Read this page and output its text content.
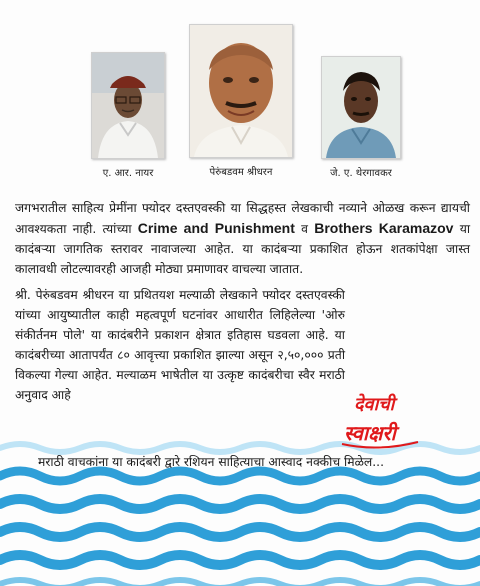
ए. आर. नायर	पेरुंबडवम श्रीधरन	जे. ए. थेरगावकर

जगभरातील साहित्य प्रेमींना फ्योदर दस्तएवस्की या सिद्धहस्त लेखकाची नव्याने ओळख करून द्यायची आवश्यकता नाही. त्यांच्या Crime and Punishment व Brothers Karamazov या कादंबऱ्या जागतिक स्तरावर नावाजल्या आहेत. या कादंबऱ्या प्रकाशित होऊन शतकांपेक्षा जास्त कालावधी लोटल्यावरही आजही मोठ्या प्रमाणावर वाचल्या जातात.

श्री. पेरुंबडवम श्रीधरन या प्रथितयश मल्याळी लेखकाने फ्योदर दस्तएवस्की यांच्या आयुष्यातील काही महत्वपूर्ण घटनांवर आधारीत लिहिलेल्या 'ओरु संकीर्तनम पोले' या कादंबरीने प्रकाशन क्षेत्रात इतिहास घडवला आहे. या कादंबरीच्या आतापर्यंत ८० आवृत्त्या प्रकाशित झाल्या असून २,५०,००० प्रती विकल्या गेल्या आहेत. मल्याळम भाषेतील या उत्कृष्ट कादंबरीचा स्वैर मराठी अनुवाद आहे	देवाची
स्वाक्षरी
मराठी वाचकांना या कादंबरी द्वारे रशियन साहित्याचा आस्वाद नक्कीच मिळेल...
